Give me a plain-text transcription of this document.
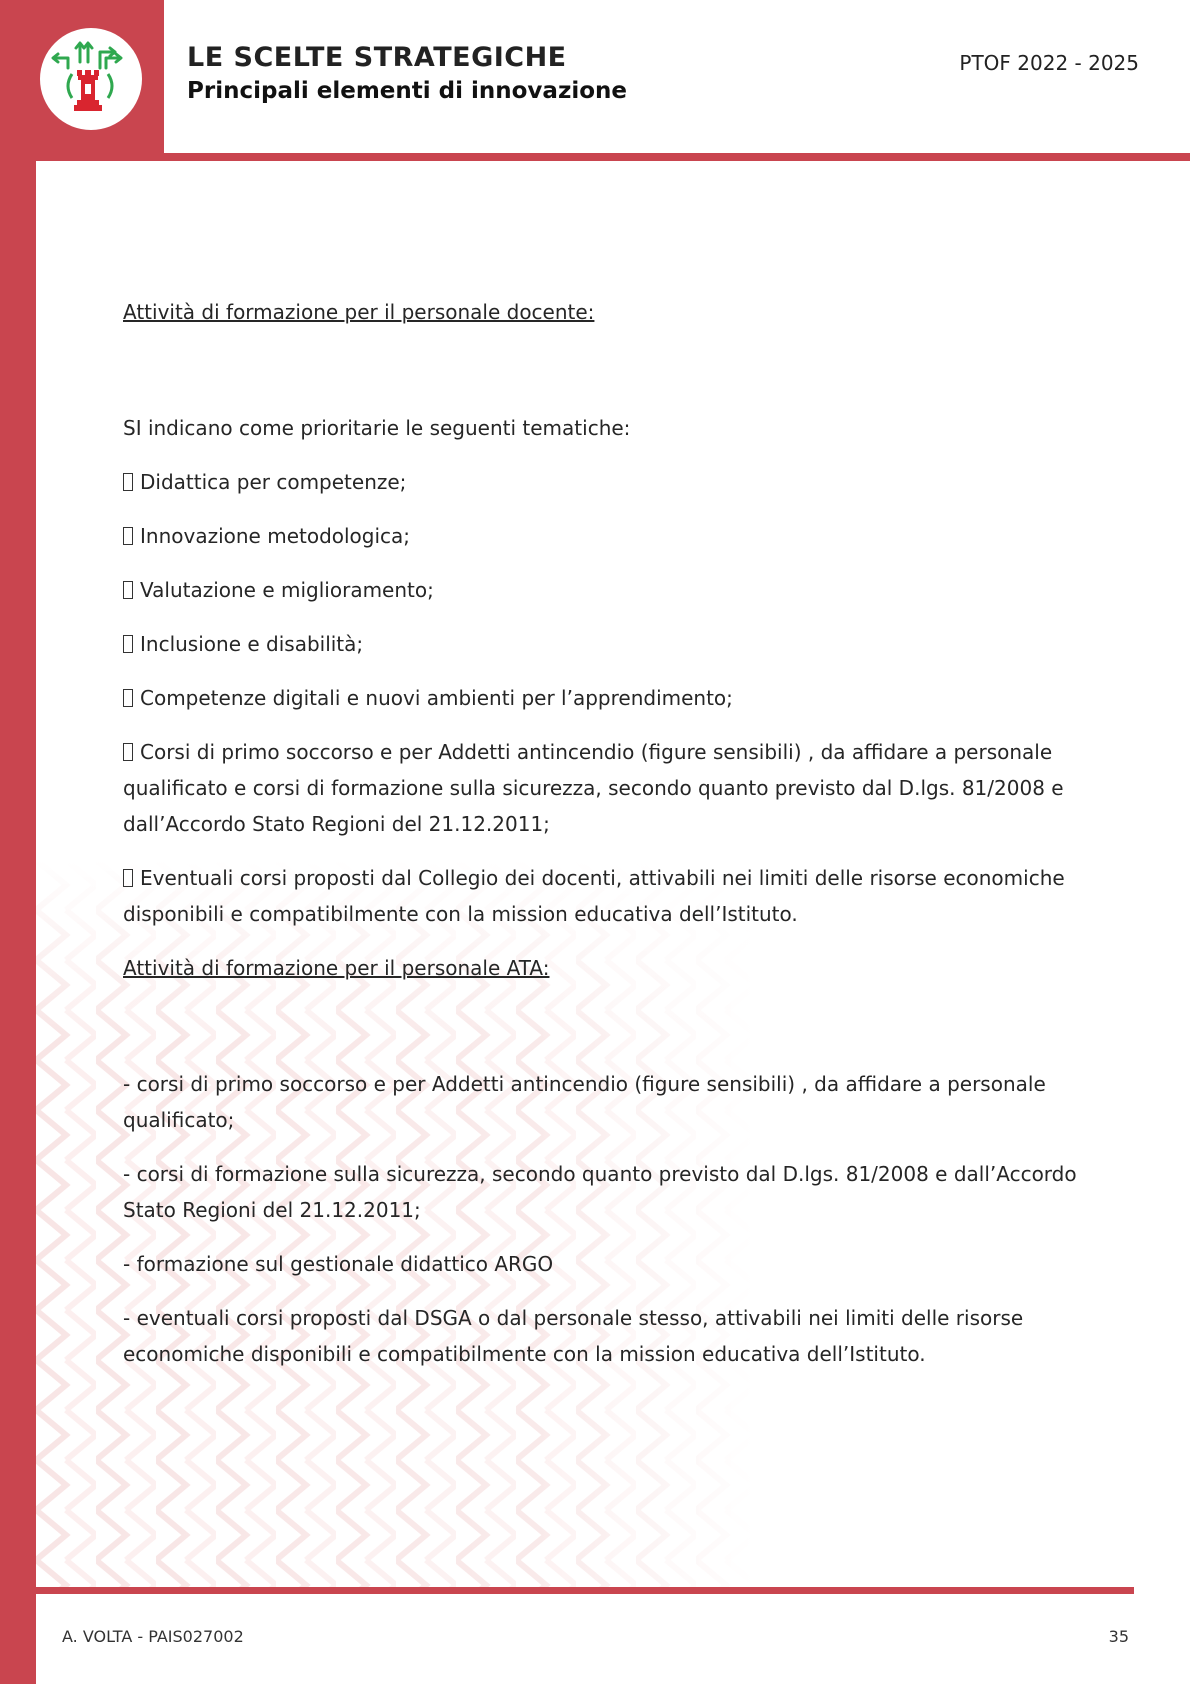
LE SCELTE STRATEGICHE
Principali elementi di innovazione

PTOF 2022 - 2025

Attività di formazione per il personale docente:

SI indicano come prioritarie le seguenti tematiche:

Didattica per competenze;

Innovazione metodologica;

Valutazione e miglioramento;

Inclusione e disabilità;

Competenze digitali e nuovi ambienti per l’apprendimento;

Corsi di primo soccorso e per Addetti antincendio (figure sensibili) , da affidare a personale qualificato e corsi di formazione sulla sicurezza, secondo quanto previsto dal D.lgs. 81/2008 e dall’Accordo Stato Regioni del 21.12.2011;

Eventuali corsi proposti dal Collegio dei docenti, attivabili nei limiti delle risorse economiche disponibili e compatibilmente con la mission educativa dell’Istituto.

Attività di formazione per il personale ATA:

- corsi di primo soccorso e per Addetti antincendio (figure sensibili) , da affidare a personale qualificato;

- corsi di formazione sulla sicurezza, secondo quanto previsto dal D.lgs. 81/2008 e dall’Accordo Stato Regioni del 21.12.2011;

- formazione sul gestionale didattico ARGO

- eventuali corsi proposti dal DSGA o dal personale stesso, attivabili nei limiti delle risorse economiche disponibili e compatibilmente con la mission educativa dell’Istituto.

A. VOLTA - PAIS027002	35
